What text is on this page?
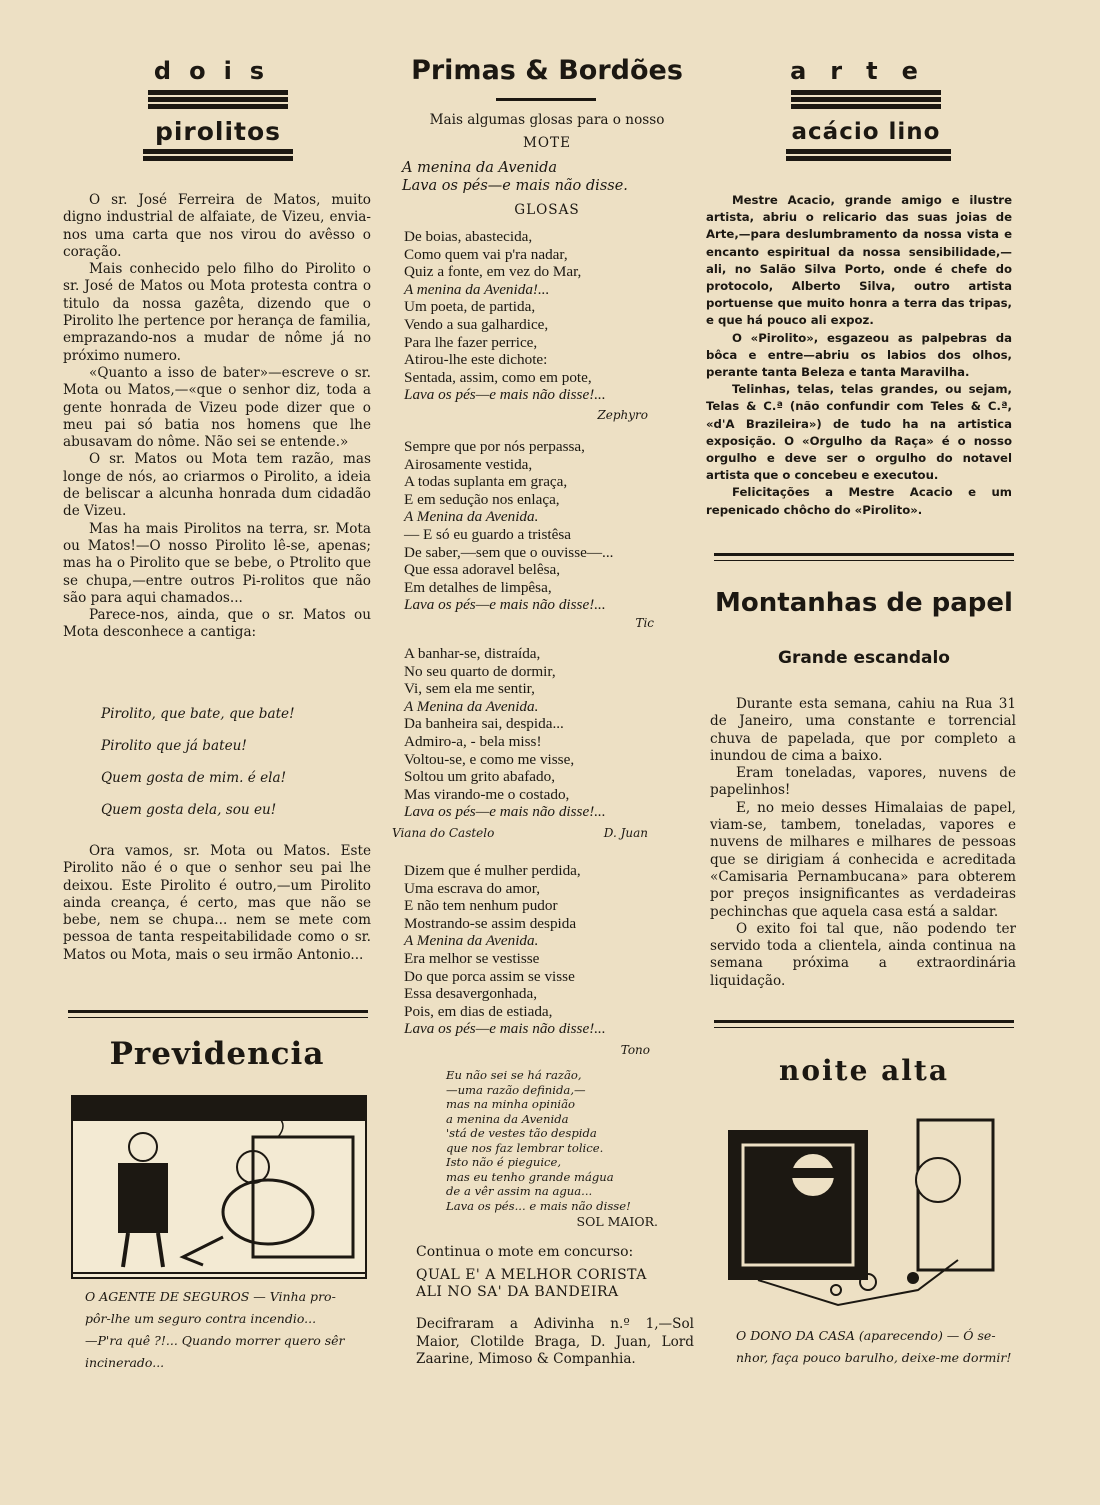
dois
pirolitos

O sr. José Ferreira de Matos, muito digno industrial de alfaiate, de Vizeu, envia-nos uma carta que nos virou do avêsso o coração.

Mais conhecido pelo filho do Pirolito o sr. José de Matos ou Mota protesta contra o titulo da nossa gazêta, dizendo que o Pirolito lhe pertence por herança de familia, emprazando-nos a mudar de nôme já no próximo numero.

«Quanto a isso de bater»—escreve o sr. Mota ou Matos,—«que o senhor diz, toda a gente honrada de Vizeu pode dizer que o meu pai só batia nos homens que lhe abusavam do nôme. Não sei se entende.»

O sr. Matos ou Mota tem razão, mas longe de nós, ao criarmos o Pirolito, a ideia de beliscar a alcunha honrada dum cidadão de Vizeu.

Mas ha mais Pirolitos na terra, sr. Mota ou Matos!—O nosso Pirolito lê-se, apenas; mas ha o Pirolito que se bebe, o Ptrolito que se chupa,—entre outros Pi-rolitos que não são para aqui chamados...

Parece-nos, ainda, que o sr. Matos ou Mota desconhece a cantiga:

Pirolito, que bate, que bate!
Pirolito que já bateu!
Quem gosta de mim. é ela!
Quem gosta dela, sou eu!

Ora vamos, sr. Mota ou Matos. Este Pirolito não é o que o senhor seu pai lhe deixou. Este Pirolito é outro,—um Pirolito ainda creança, é certo, mas que não se bebe, nem se chupa... nem se mete com pessoa de tanta respeitabilidade como o sr. Matos ou Mota, mais o seu irmão Antonio...

Previdencia
O AGENTE DE SEGUROS — Vinha pro-
pôr-lhe um seguro contra incendio...
—P'ra quê ?!... Quando morrer quero sêr
incinerado...
Primas & Bordões
Mais algumas glosas para o nosso
MOTE
A menina da Avenida
Lava os pés—e mais não disse.
GLOSAS
De boias, abastecida,
Como quem vai p'ra nadar,
Quiz a fonte, em vez do Mar,
A menina da Avenida!...
Um poeta, de partida,
Vendo a sua galhardice,
Para lhe fazer perrice,
Atirou-lhe este dichote:
Sentada, assim, como em pote,
Lava os pés—e mais não disse!...
Zephyro
Sempre que por nós perpassa,
Airosamente vestida,
A todas suplanta em graça,
E em sedução nos enlaça,
A Menina da Avenida.
— E só eu guardo a tristêsa
De saber,—sem que o ouvisse—...
Que essa adoravel belêsa,
Em detalhes de limpêsa,
Lava os pés—e mais não disse!...
Tic
A banhar-se, distraída,
No seu quarto de dormir,
Vi, sem ela me sentir,
A Menina da Avenida.
Da banheira sai, despida...
Admiro-a, - bela miss!
Voltou-se, e como me visse,
Soltou um grito abafado,
Mas virando-me o costado,
Lava os pés—e mais não disse!...
Viana do Castelo	D. Juan
Dizem que é mulher perdida,
Uma escrava do amor,
E não tem nenhum pudor
Mostrando-se assim despida
A Menina da Avenida.
Era melhor se vestisse
Do que porca assim se visse
Essa desavergonhada,
Pois, em dias de estiada,
Lava os pés—e mais não disse!...
Tono
Eu não sei se há razão,
—uma razão definida,—
mas na minha opinião
a menina da Avenida
'stá de vestes tão despida
que nos faz lembrar tolice.
Isto não é pieguice,
mas eu tenho grande mágua
de a vêr assim na agua...
Lava os pés... e mais não disse!
SOL MAIOR.
Continua o mote em concurso:
QUAL E' A MELHOR CORISTA
ALI NO SA' DA BANDEIRA

Decifraram a Adivinha n.º 1,—Sol Maior, Clotilde Braga, D. Juan, Lord Zaarine, Mimoso & Companhia.

arte
acácio lino

Mestre Acacio, grande amigo e ilustre artista, abriu o relicario das suas joias de Arte,—para deslumbramento da nossa vista e encanto espiritual da nossa sensibilidade,—ali, no Salão Silva Porto, onde é chefe do protocolo, Alberto Silva, outro artista portuense que muito honra a terra das tripas, e que há pouco ali expoz.

O «Pirolito», esgazeou as palpebras da bôca e entre—abriu os labios dos olhos, perante tanta Beleza e tanta Maravilha.

Telinhas, telas, telas grandes, ou sejam, Telas & C.ª (não confundir com Teles & C.ª, «d'A Brazileira») de tudo ha na artistica exposição. O «Orgulho da Raça» é o nosso orgulho e deve ser o orgulho do notavel artista que o concebeu e executou.

Felicitações a Mestre Acacio e um repenicado chôcho do «Pirolito».

Montanhas de papel
Grande escandalo

Durante esta semana, cahiu na Rua 31 de Janeiro, uma constante e torrencial chuva de papelada, que por completo a inundou de cima a baixo.

Eram toneladas, vapores, nuvens de papelinhos!

E, no meio desses Himalaias de papel, viam-se, tambem, toneladas, vapores e nuvens de milhares e milhares de pessoas que se dirigiam á conhecida e acreditada «Camisaria Pernambucana» para obterem por preços insignificantes as verdadeiras pechinchas que aquela casa está a saldar.

O exito foi tal que, não podendo ter servido toda a clientela, ainda continua na semana próxima a extraordinária liquidação.

noite alta
O DONO DA CASA (aparecendo) — Ó se-
nhor, faça pouco barulho, deixe-me dormir!
